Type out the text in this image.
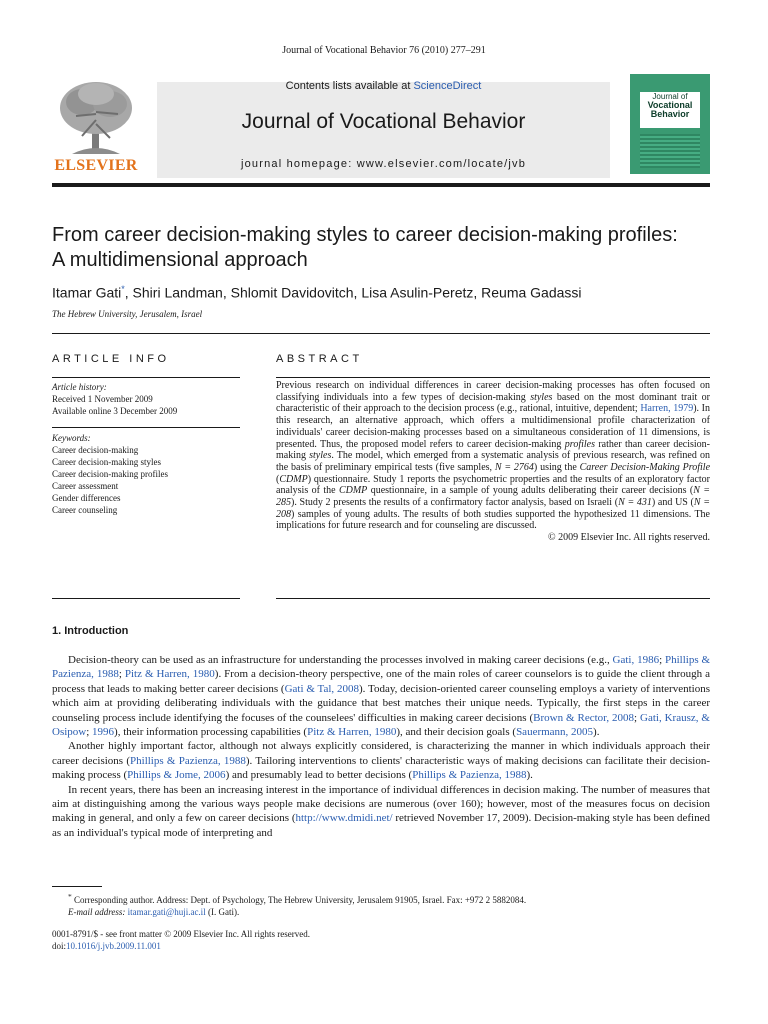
Journal of Vocational Behavior 76 (2010) 277–291
ELSEVIER
Contents lists available at ScienceDirect
Journal of Vocational Behavior
journal homepage: www.elsevier.com/locate/jvb
Journal of
Vocational
Behavior
From career decision-making styles to career decision-making profiles:
A multidimensional approach
Itamar Gati*, Shiri Landman, Shlomit Davidovitch, Lisa Asulin-Peretz, Reuma Gadassi
The Hebrew University, Jerusalem, Israel
ARTICLE INFO
Article history:
Received 1 November 2009
Available online 3 December 2009
Keywords:
Career decision-making
Career decision-making styles
Career decision-making profiles
Career assessment
Gender differences
Career counseling
ABSTRACT
Previous research on individual differences in career decision-making processes has often focused on classifying individuals into a few types of decision-making styles based on the most dominant trait or characteristic of their approach to the decision process (e.g., rational, intuitive, dependent; Harren, 1979). In this research, an alternative approach, which offers a multidimensional profile characterization of individuals' career decision-making processes based on a simultaneous consideration of 11 dimensions, is presented. Thus, the proposed model refers to career decision-making profiles rather than career decision-making styles. The model, which emerged from a systematic analysis of previous research, was refined on the basis of preliminary empirical tests (five samples, N = 2764) using the Career Decision-Making Profile (CDMP) questionnaire. Study 1 reports the psychometric properties and the results of an exploratory factor analysis of the CDMP questionnaire, in a sample of young adults deliberating their career decisions (N = 285). Study 2 presents the results of a confirmatory factor analysis, based on Israeli (N = 431) and US (N = 208) samples of young adults. The results of both studies supported the hypothesized 11 dimensions. The implications for future research and for counseling are discussed.
© 2009 Elsevier Inc. All rights reserved.
1. Introduction

Decision-theory can be used as an infrastructure for understanding the processes involved in making career decisions (e.g., Gati, 1986; Phillips & Pazienza, 1988; Pitz & Harren, 1980). From a decision-theory perspective, one of the main roles of career counselors is to guide the client through a process that leads to making better career decisions (Gati & Tal, 2008). Today, decision-oriented career counseling employs a variety of interventions which aim at providing deliberating individuals with the guidance that best matches their unique needs. Typically, the first steps in the career counseling process include identifying the focuses of the counselees' difficulties in making career decisions (Brown & Rector, 2008; Gati, Krausz, & Osipow; 1996), their information processing capabilities (Pitz & Harren, 1980), and their decision goals (Sauermann, 2005).

Another highly important factor, although not always explicitly considered, is characterizing the manner in which individuals approach their career decisions (Phillips & Pazienza, 1988). Tailoring interventions to clients' characteristic ways of making decisions can facilitate their decision-making process (Phillips & Jome, 2006) and presumably lead to better decisions (Phillips & Pazienza, 1988).

In recent years, there has been an increasing interest in the importance of individual differences in decision making. The number of measures that aim at distinguishing among the various ways people make decisions are numerous (over 160); however, most of the measures focus on decision making in general, and only a few on career decisions (http://www.dmidi.net/ retrieved November 17, 2009). Decision-making style has been defined as an individual's typical mode of interpreting and

* Corresponding author. Address: Dept. of Psychology, The Hebrew University, Jerusalem 91905, Israel. Fax: +972 2 5882084.
E-mail address: itamar.gati@huji.ac.il (I. Gati).
0001-8791/$ - see front matter © 2009 Elsevier Inc. All rights reserved.
doi:10.1016/j.jvb.2009.11.001
